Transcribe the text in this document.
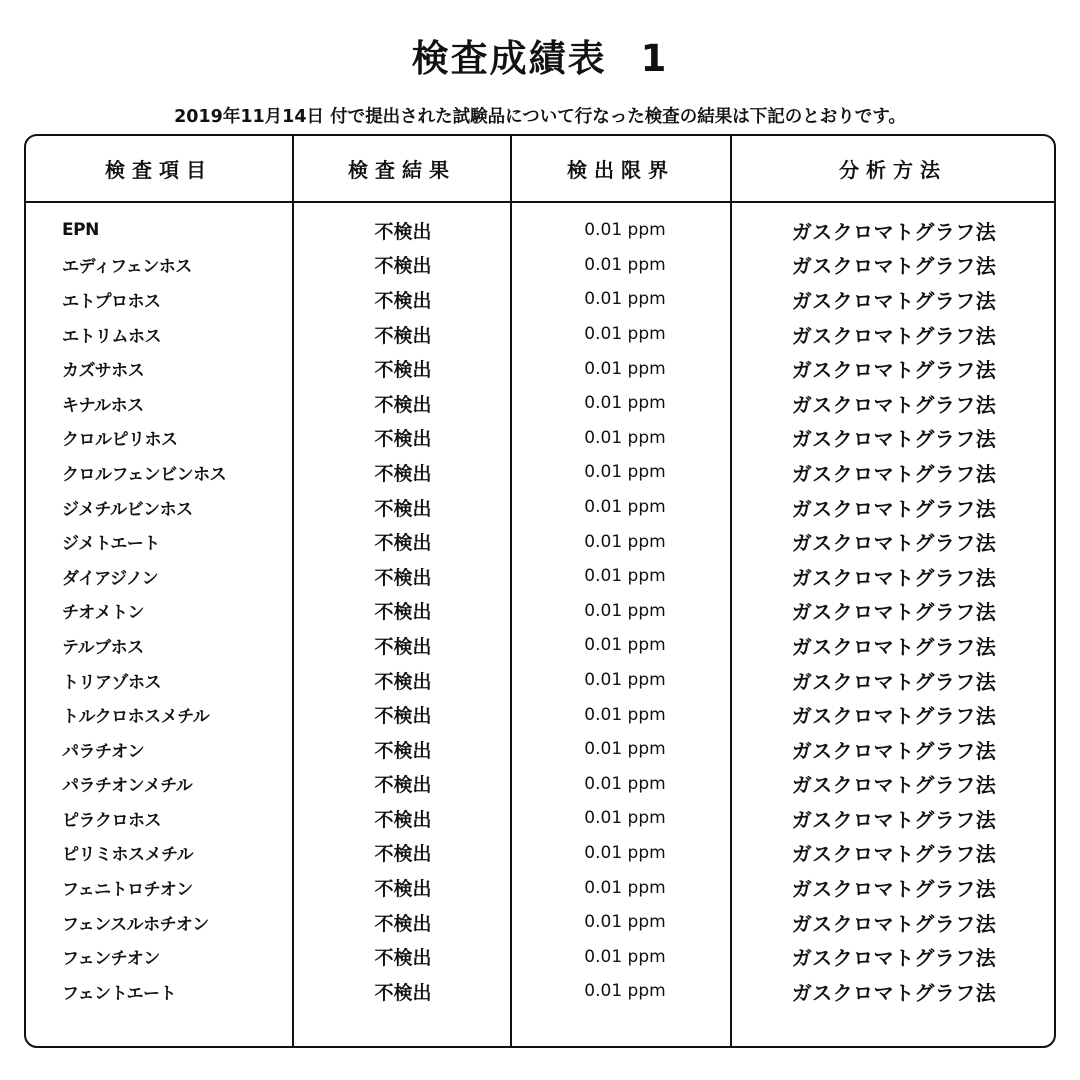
検査成績表 1
2019年11月14日 付で提出された試験品について行なった検査の結果は下記のとおりです。
検査項目	検査結果	検出限界	分析方法
EPN	不検出	0.01 ppm	ガスクロマトグラフ法
エディフェンホス	不検出	0.01 ppm	ガスクロマトグラフ法
エトプロホス	不検出	0.01 ppm	ガスクロマトグラフ法
エトリムホス	不検出	0.01 ppm	ガスクロマトグラフ法
カズサホス	不検出	0.01 ppm	ガスクロマトグラフ法
キナルホス	不検出	0.01 ppm	ガスクロマトグラフ法
クロルピリホス	不検出	0.01 ppm	ガスクロマトグラフ法
クロルフェンビンホス	不検出	0.01 ppm	ガスクロマトグラフ法
ジメチルビンホス	不検出	0.01 ppm	ガスクロマトグラフ法
ジメトエート	不検出	0.01 ppm	ガスクロマトグラフ法
ダイアジノン	不検出	0.01 ppm	ガスクロマトグラフ法
チオメトン	不検出	0.01 ppm	ガスクロマトグラフ法
テルブホス	不検出	0.01 ppm	ガスクロマトグラフ法
トリアゾホス	不検出	0.01 ppm	ガスクロマトグラフ法
トルクロホスメチル	不検出	0.01 ppm	ガスクロマトグラフ法
パラチオン	不検出	0.01 ppm	ガスクロマトグラフ法
パラチオンメチル	不検出	0.01 ppm	ガスクロマトグラフ法
ピラクロホス	不検出	0.01 ppm	ガスクロマトグラフ法
ピリミホスメチル	不検出	0.01 ppm	ガスクロマトグラフ法
フェニトロチオン	不検出	0.01 ppm	ガスクロマトグラフ法
フェンスルホチオン	不検出	0.01 ppm	ガスクロマトグラフ法
フェンチオン	不検出	0.01 ppm	ガスクロマトグラフ法
フェントエート	不検出	0.01 ppm	ガスクロマトグラフ法
